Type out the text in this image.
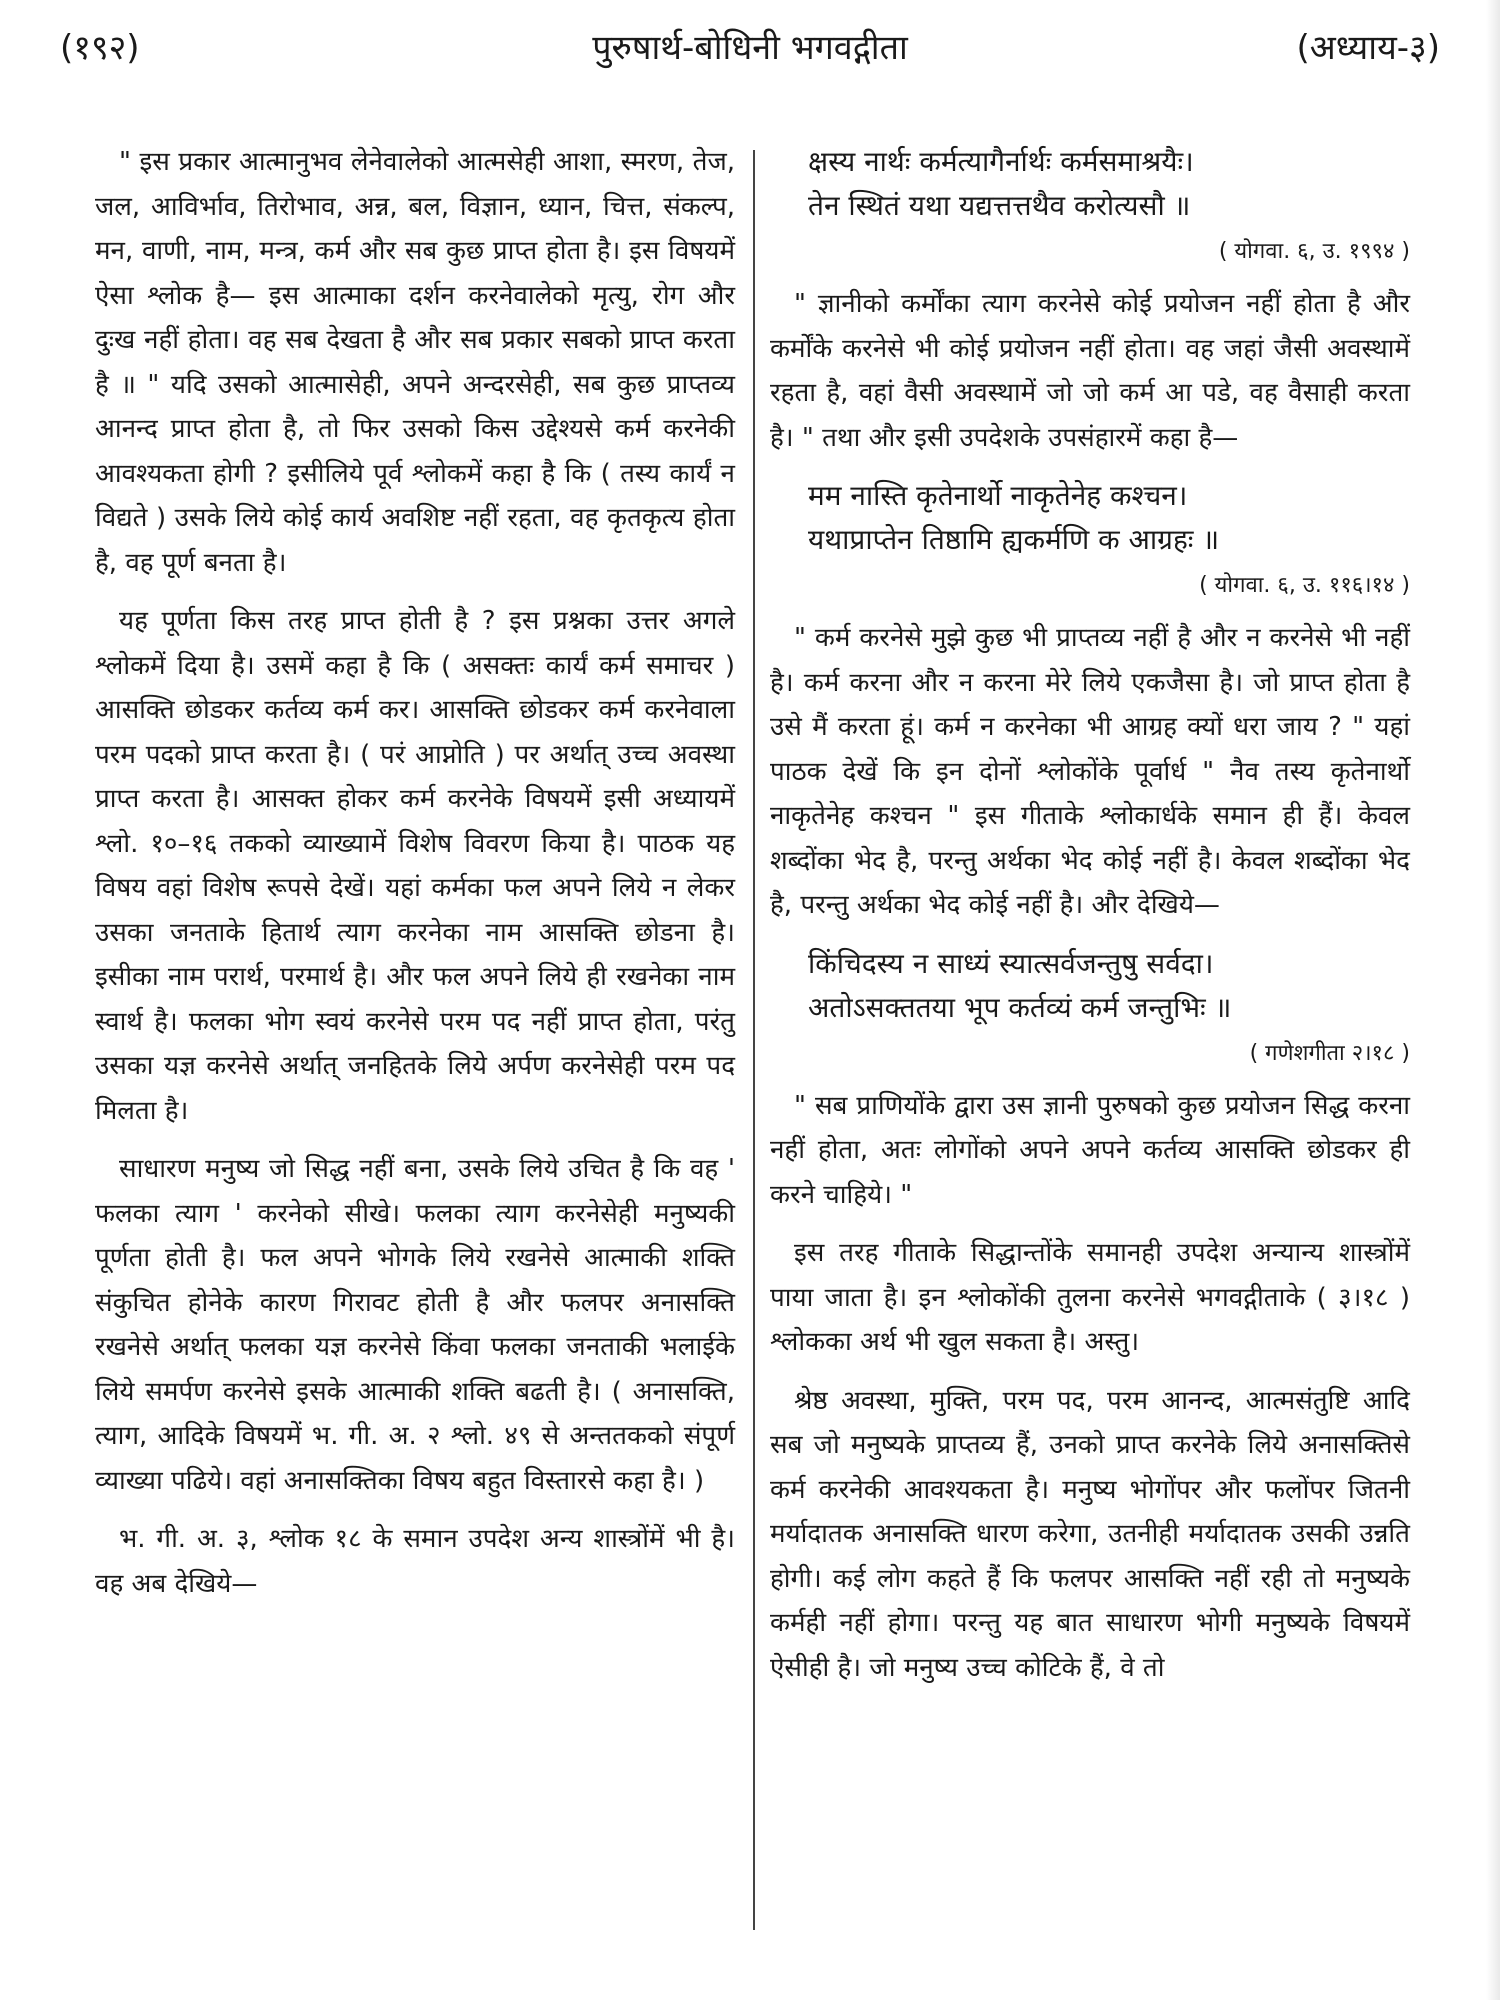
(१९२)	पुरुषार्थ-बोधिनी भगवद्गीता	(अध्याय-३)

" इस प्रकार आत्मानुभव लेनेवालेको आत्मसेही आशा, स्मरण, तेज, जल, आविर्भाव, तिरोभाव, अन्न, बल, विज्ञान, ध्यान, चित्त, संकल्प, मन, वाणी, नाम, मन्त्र, कर्म और सब कुछ प्राप्त होता है। इस विषयमें ऐसा श्लोक है— इस आत्माका दर्शन करनेवालेको मृत्यु, रोग और दुःख नहीं होता। वह सब देखता है और सब प्रकार सबको प्राप्त करता है ॥ " यदि उसको आत्मासेही, अपने अन्दरसेही, सब कुछ प्राप्तव्य आनन्द प्राप्त होता है, तो फिर उसको किस उद्देश्यसे कर्म करनेकी आवश्यकता होगी ? इसीलिये पूर्व श्लोकमें कहा है कि ( तस्य कार्यं न विद्यते ) उसके लिये कोई कार्य अवशिष्ट नहीं रहता, वह कृतकृत्य होता है, वह पूर्ण बनता है।

यह पूर्णता किस तरह प्राप्त होती है ? इस प्रश्नका उत्तर अगले श्लोकमें दिया है। उसमें कहा है कि ( असक्तः कार्यं कर्म समाचर ) आसक्ति छोडकर कर्तव्य कर्म कर। आसक्ति छोडकर कर्म करनेवाला परम पदको प्राप्त करता है। ( परं आप्नोति ) पर अर्थात् उच्च अवस्था प्राप्त करता है। आसक्त होकर कर्म करनेके विषयमें इसी अध्यायमें श्लो. १०–१६ तकको व्याख्यामें विशेष विवरण किया है। पाठक यह विषय वहां विशेष रूपसे देखें। यहां कर्मका फल अपने लिये न लेकर उसका जनताके हितार्थ त्याग करनेका नाम आसक्ति छोडना है। इसीका नाम परार्थ, परमार्थ है। और फल अपने लिये ही रखनेका नाम स्वार्थ है। फलका भोग स्वयं करनेसे परम पद नहीं प्राप्त होता, परंतु उसका यज्ञ करनेसे अर्थात् जनहितके लिये अर्पण करनेसेही परम पद मिलता है।

साधारण मनुष्य जो सिद्ध नहीं बना, उसके लिये उचित है कि वह ' फलका त्याग ' करनेको सीखे। फलका त्याग करनेसेही मनुष्यकी पूर्णता होती है। फल अपने भोगके लिये रखनेसे आत्माकी शक्ति संकुचित होनेके कारण गिरावट होती है और फलपर अनासक्ति रखनेसे अर्थात् फलका यज्ञ करनेसे किंवा फलका जनताकी भलाईके लिये समर्पण करनेसे इसके आत्माकी शक्ति बढती है। ( अनासक्ति, त्याग, आदिके विषयमें भ. गी. अ. २ श्लो. ४९ से अन्ततकको संपूर्ण व्याख्या पढिये। वहां अनासक्तिका विषय बहुत विस्तारसे कहा है। )

भ. गी. अ. ३, श्लोक १८ के समान उपदेश अन्य शास्त्रोंमें भी है। वह अब देखिये—

क्षस्य नार्थः कर्मत्यागैर्नार्थः कर्मसमाश्रयैः।
तेन स्थितं यथा यद्यत्तत्तथैव करोत्यसौ ॥
( योगवा. ६, उ. १९९४ )

" ज्ञानीको कर्मोंका त्याग करनेसे कोई प्रयोजन नहीं होता है और कर्मोंके करनेसे भी कोई प्रयोजन नहीं होता। वह जहां जैसी अवस्थामें रहता है, वहां वैसी अवस्थामें जो जो कर्म आ पडे, वह वैसाही करता है। " तथा और इसी उपदेशके उपसंहारमें कहा है—

मम नास्ति कृतेनार्थो नाकृतेनेह कश्चन।
यथाप्राप्तेन तिष्ठामि ह्यकर्मणि क आग्रहः ॥
( योगवा. ६, उ. ११६।१४ )

" कर्म करनेसे मुझे कुछ भी प्राप्तव्य नहीं है और न करनेसे भी नहीं है। कर्म करना और न करना मेरे लिये एकजैसा है। जो प्राप्त होता है उसे मैं करता हूं। कर्म न करनेका भी आग्रह क्यों धरा जाय ? " यहां पाठक देखें कि इन दोनों श्लोकोंके पूर्वार्ध " नैव तस्य कृतेनार्थो नाकृतेनेह कश्चन " इस गीताके श्लोकार्धके समान ही हैं। केवल शब्दोंका भेद है, परन्तु अर्थका भेद कोई नहीं है। केवल शब्दोंका भेद है, परन्तु अर्थका भेद कोई नहीं है। और देखिये—

किंचिदस्य न साध्यं स्यात्सर्वजन्तुषु सर्वदा।
अतोऽसक्ततया भूप कर्तव्यं कर्म जन्तुभिः ॥
( गणेशगीता २।१८ )

" सब प्राणियोंके द्वारा उस ज्ञानी पुरुषको कुछ प्रयोजन सिद्ध करना नहीं होता, अतः लोगोंको अपने अपने कर्तव्य आसक्ति छोडकर ही करने चाहिये। "

इस तरह गीताके सिद्धान्तोंके समानही उपदेश अन्यान्य शास्त्रोंमें पाया जाता है। इन श्लोकोंकी तुलना करनेसे भगवद्गीताके ( ३।१८ ) श्लोकका अर्थ भी खुल सकता है। अस्तु।

श्रेष्ठ अवस्था, मुक्ति, परम पद, परम आनन्द, आत्मसंतुष्टि आदि सब जो मनुष्यके प्राप्तव्य हैं, उनको प्राप्त करनेके लिये अनासक्तिसे कर्म करनेकी आवश्यकता है। मनुष्य भोगोंपर और फलोंपर जितनी मर्यादातक अनासक्ति धारण करेगा, उतनीही मर्यादातक उसकी उन्नति होगी। कई लोग कहते हैं कि फलपर आसक्ति नहीं रही तो मनुष्यके कर्मही नहीं होगा। परन्तु यह बात साधारण भोगी मनुष्यके विषयमें ऐसीही है। जो मनुष्य उच्च कोटिके हैं, वे तो
